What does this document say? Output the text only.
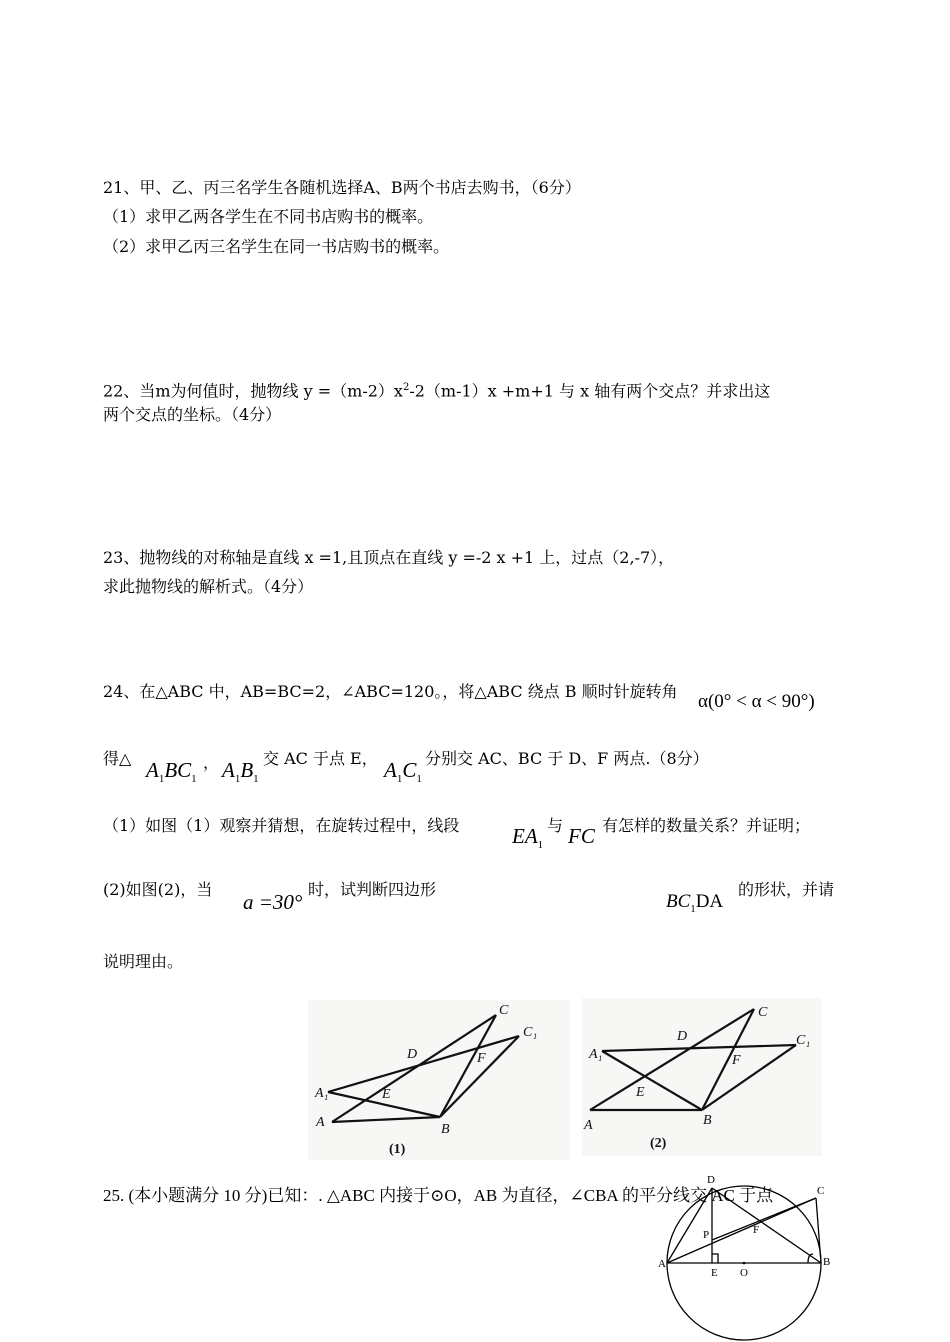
21、甲、乙、丙三名学生各随机选择A、B两个书店去购书，（6分）
（1）求甲乙两各学生在不同书店购书的概率。
（2）求甲乙丙三名学生在同一书店购书的概率。
22、当m为何值时，抛物线 $y =(m-2)x^2-2(m-1)x +m+1$ 与 x 轴有两个交点？并求出这
两个交点的坐标。（4分）
23、抛物线的对称轴是直线 x =1,且顶点在直线 y =-2 x +1 上，过点（2,-7），
求此抛物线的解析式。（4分）
24、在△ABC 中，AB=BC=2，∠ABC=120。，将△ABC 绕点 B 顺时针旋转角 α(0° < α < 90°)
得△ $A_1BC_1$
， $A_1B_1$
交 AC 于点 E， $A_1C_1$
分别交 AC、BC 于 D、F 两点.（8分）
（1）如图（1）观察并猜想，在旋转过程中，线段	$EA_1$
与 FC 有怎样的数量关系？并证明；
(2)如图(2)，当
a =30°
时，试判断四边形
$BC_1DA$
的形状，并请
说明理由。
C
C₁
D	F
A₁	E
A	B
(1)
C
C₁
D
F
A₁
E
A	B
(2)
25. (本小题满分 10 分)已知：. △ABC 内接于⊙O，AB 为直径，∠CBA 的平分线交 AC 于点
D
A	B
C
E O
P	F
